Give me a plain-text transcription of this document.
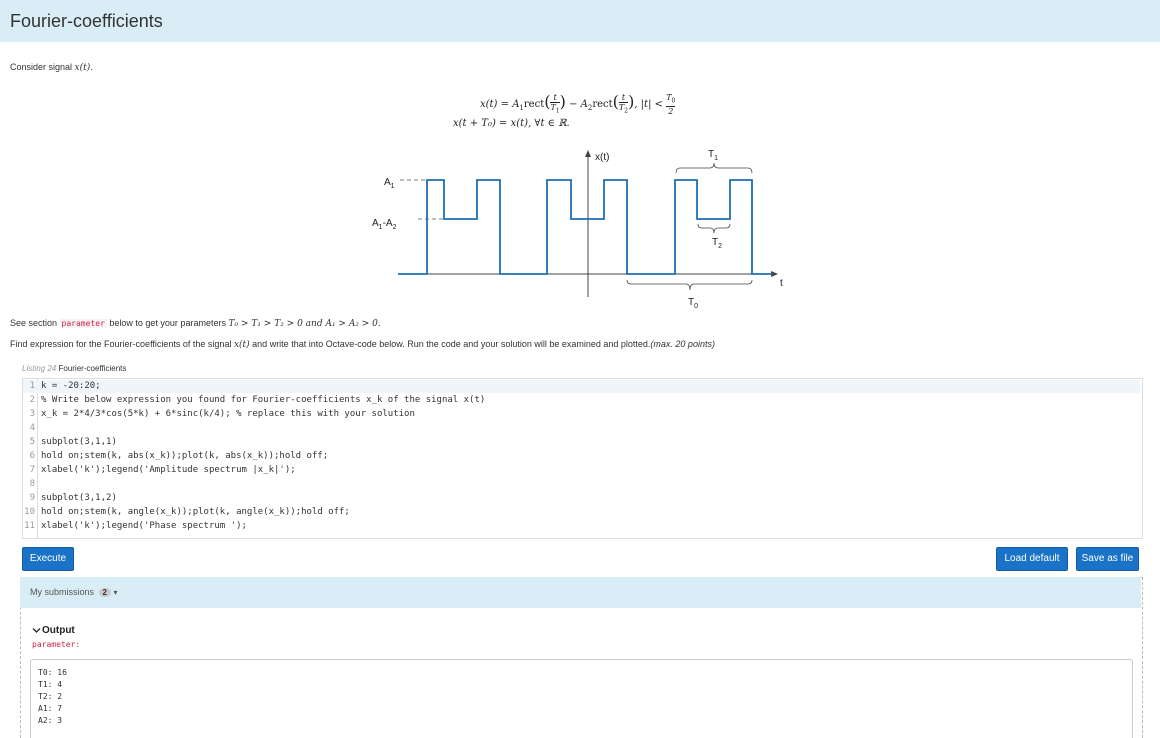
Fourier-coefficients
Consider signal x(t).
$x(t) = A_1rect( \frac{t}{T_1}$ ) − $A_2rect( \frac{t}{T_2}$ ), $|t| < \frac{T_0}{2}$
x(t + T₀) = x(t), ∀t ∈ ℝ.
x(t)
t
$A_1$
$A_1-A_2$
$T_1$
$T_2$
$T_0$
See section parameter below to get your parameters T₀ > T₁ > T₂ > 0 and A₁ > A₂ > 0.
Find expression for the Fourier-coefficients of the signal x(t) and write that into Octave-code below. Run the code and your solution will be examined and plotted.(max. 20 points)
Listing 24 Fourier-coefficients
1 k = -20:20;
2 % Write below expression you found for Fourier-coefficients x_k of the signal x(t)
3 x_k = 2*4/3*cos(5*k) + 6*sinc(k/4); % replace this with your solution
4
5 subplot(3,1,1)
6 hold on;stem(k, abs(x_k));plot(k, abs(x_k));hold off;
7 xlabel('k');legend('Amplitude spectrum |x_k|');
8
9 subplot(3,1,2)
10 hold on;stem(k, angle(x_k));plot(k, angle(x_k));hold off;
11 xlabel('k');legend('Phase spectrum ');
Execute	Load default	Save as file
My submissions 2 ▾
Output
parameter:
T0: 16
T1: 4
T2: 2
A1: 7
A2: 3
